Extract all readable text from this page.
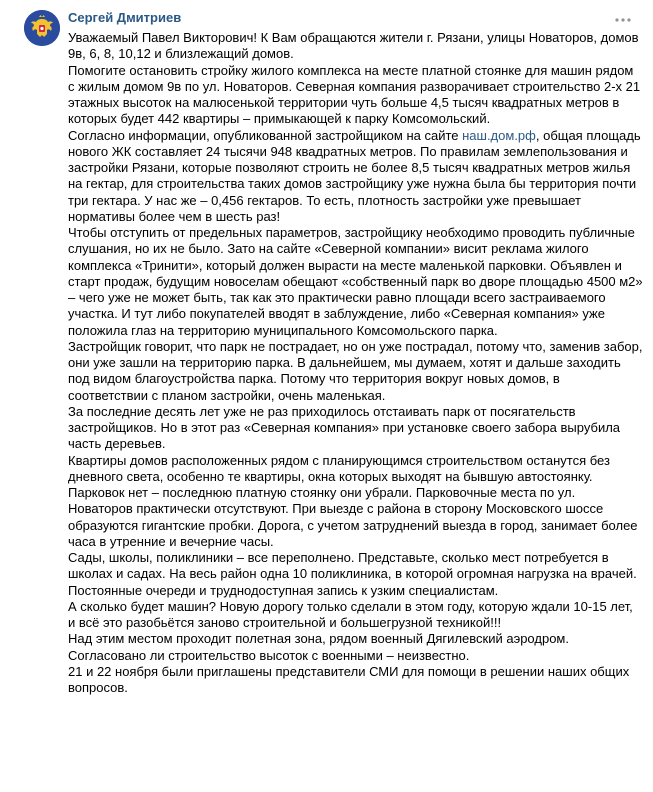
Сергей Дмитриев
Уважаемый Павел Викторович! К Вам обращаются жители г. Рязани, улицы Новаторов, домов 9в, 6, 8, 10,12 и близлежащий домов.
Помогите остановить стройку жилого комплекса на месте платной стоянке для машин рядом с жилым домом 9в по ул. Новаторов. Северная компания разворачивает строительство 2-х 21 этажных высоток на малюсенькой территории чуть больше 4,5 тысяч квадратных метров в которых будет 442 квартиры – примыкающей к парку Комсомольский.
Согласно информации, опубликованной застройщиком на сайте наш.дом.рф, общая площадь нового ЖК составляет 24 тысячи 948 квадратных метров. По правилам землепользования и застройки Рязани, которые позволяют строить не более 8,5 тысяч квадратных метров жилья на гектар, для строительства таких домов застройщику уже нужна была бы территория почти три гектара. У нас же – 0,456 гектаров. То есть, плотность застройки уже превышает нормативы более чем в шесть раз!
Чтобы отступить от предельных параметров, застройщику необходимо проводить публичные слушания, но их не было. Зато на сайте «Северной компании» висит реклама жилого комплекса «Тринити», который должен вырасти на месте маленькой парковки. Объявлен и старт продаж, будущим новоселам обещают «собственный парк во дворе площадью 4500 м2» – чего уже не может быть, так как это практически равно площади всего застраиваемого участка. И тут либо покупателей вводят в заблуждение, либо «Северная компания» уже положила глаз на территорию муниципального Комсомольского парка.
Застройщик говорит, что парк не пострадает, но он уже пострадал, потому что, заменив забор, они уже зашли на территорию парка. В дальнейшем, мы думаем, хотят и дальше заходить под видом благоустройства парка. Потому что территория вокруг новых домов, в соответствии с планом застройки, очень маленькая.
За последние десять лет уже не раз приходилось отстаивать парк от посягательств застройщиков. Но в этот раз «Северная компания» при установке своего забора вырубила часть деревьев.
Квартиры домов расположенных рядом с планирующимся строительством останутся без дневного света, особенно те квартиры, окна которых выходят на бывшую автостоянку.
Парковок нет – последнюю платную стоянку они убрали. Парковочные места по ул. Новаторов практически отсутствуют. При выезде с района в сторону Московского шоссе образуются гигантские пробки. Дорога, с учетом затруднений выезда в город, занимает более часа в утренние и вечерние часы.
Сады, школы, поликлиники – все переполнено. Представьте, сколько мест потребуется в школах и садах. На весь район одна 10 поликлиника, в которой огромная нагрузка на врачей. Постоянные очереди и труднодоступная запись к узким специалистам.
А сколько будет машин? Новую дорогу только сделали в этом году, которую ждали 10-15 лет, и всё это разобьётся заново строительной и большегрузной техникой!!!
Над этим местом проходит полетная зона, рядом военный Дягилевский аэродром. Согласовано ли строительство высоток с военными – неизвестно.
21 и 22 ноября были приглашены представители СМИ для помощи в решении наших общих вопросов.
